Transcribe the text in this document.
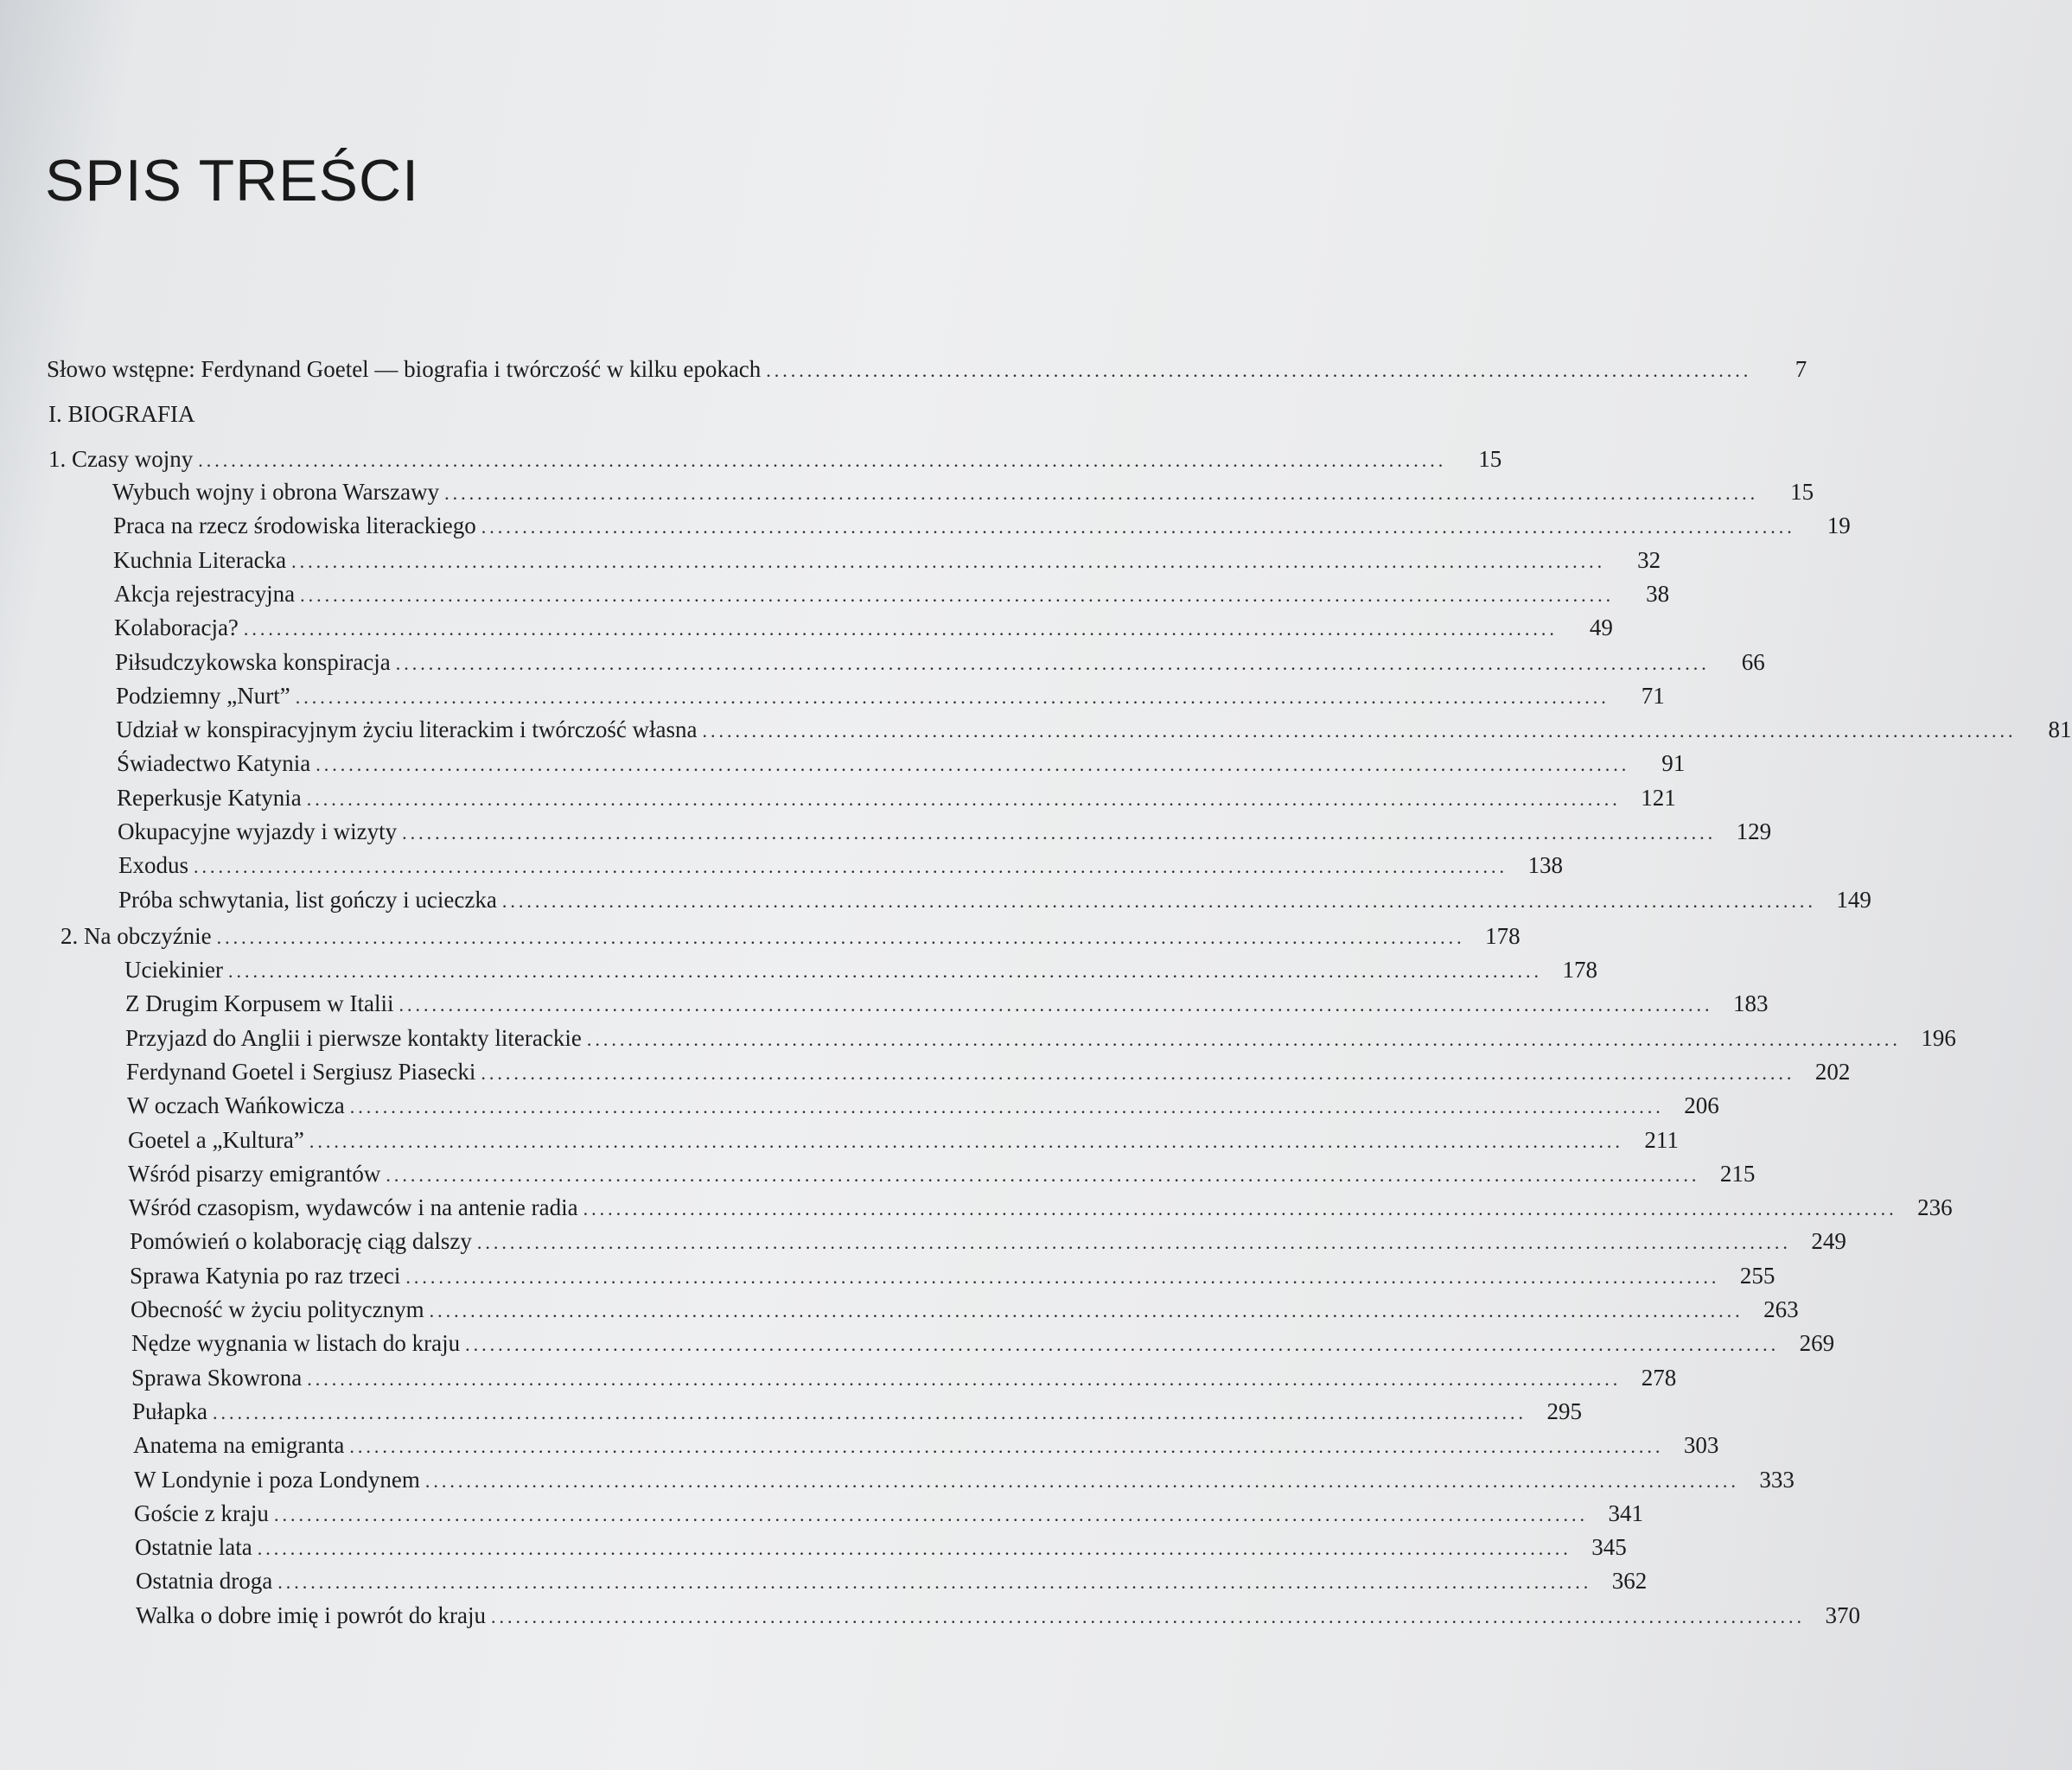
SPIS TREŚCI
Słowo wstępne: Ferdynand Goetel — biografia i twórczość w kilku epokach ........................................................................................................................	7
I. BIOGRAFIA
1. Czasy wojny ........................................................................................................................................................	15
Wybuch wojny i obrona Warszawy ................................................................................................................................................................	15
Praca na rzecz środowiska literackiego ................................................................................................................................................................	19
Kuchnia Literacka ................................................................................................................................................................	32
Akcja rejestracyjna ................................................................................................................................................................	38
Kolaboracja? ................................................................................................................................................................	49
Piłsudczykowska konspiracja ................................................................................................................................................................	66
Podziemny „Nurt” ................................................................................................................................................................	71
Udział w konspiracyjnym życiu literackim i twórczość własna ................................................................................................................................................................	81
Świadectwo Katynia ................................................................................................................................................................	91
Reperkusje Katynia ................................................................................................................................................................ 121
Okupacyjne wyjazdy i wizyty ................................................................................................................................................................ 129
Exodus ................................................................................................................................................................ 138
Próba schwytania, list gończy i ucieczka ................................................................................................................................................................ 149
2. Na obczyźnie ........................................................................................................................................................ 178
Uciekinier ................................................................................................................................................................ 178
Z Drugim Korpusem w Italii ................................................................................................................................................................ 183
Przyjazd do Anglii i pierwsze kontakty literackie ................................................................................................................................................................ 196
Ferdynand Goetel i Sergiusz Piasecki ................................................................................................................................................................ 202
W oczach Wańkowicza ................................................................................................................................................................ 206
Goetel a „Kultura” ................................................................................................................................................................ 211
Wśród pisarzy emigrantów ................................................................................................................................................................ 215
Wśród czasopism, wydawców i na antenie radia ................................................................................................................................................................ 236
Pomówień o kolaborację ciąg dalszy ................................................................................................................................................................ 249
Sprawa Katynia po raz trzeci ................................................................................................................................................................ 255
Obecność w życiu politycznym ................................................................................................................................................................ 263
Nędze wygnania w listach do kraju ................................................................................................................................................................ 269
Sprawa Skowrona ................................................................................................................................................................ 278
Pułapka ................................................................................................................................................................ 295
Anatema na emigranta ................................................................................................................................................................ 303
W Londynie i poza Londynem ................................................................................................................................................................ 333
Goście z kraju ................................................................................................................................................................ 341
Ostatnie lata ................................................................................................................................................................ 345
Ostatnia droga ................................................................................................................................................................ 362
Walka o dobre imię i powrót do kraju ................................................................................................................................................................ 370
